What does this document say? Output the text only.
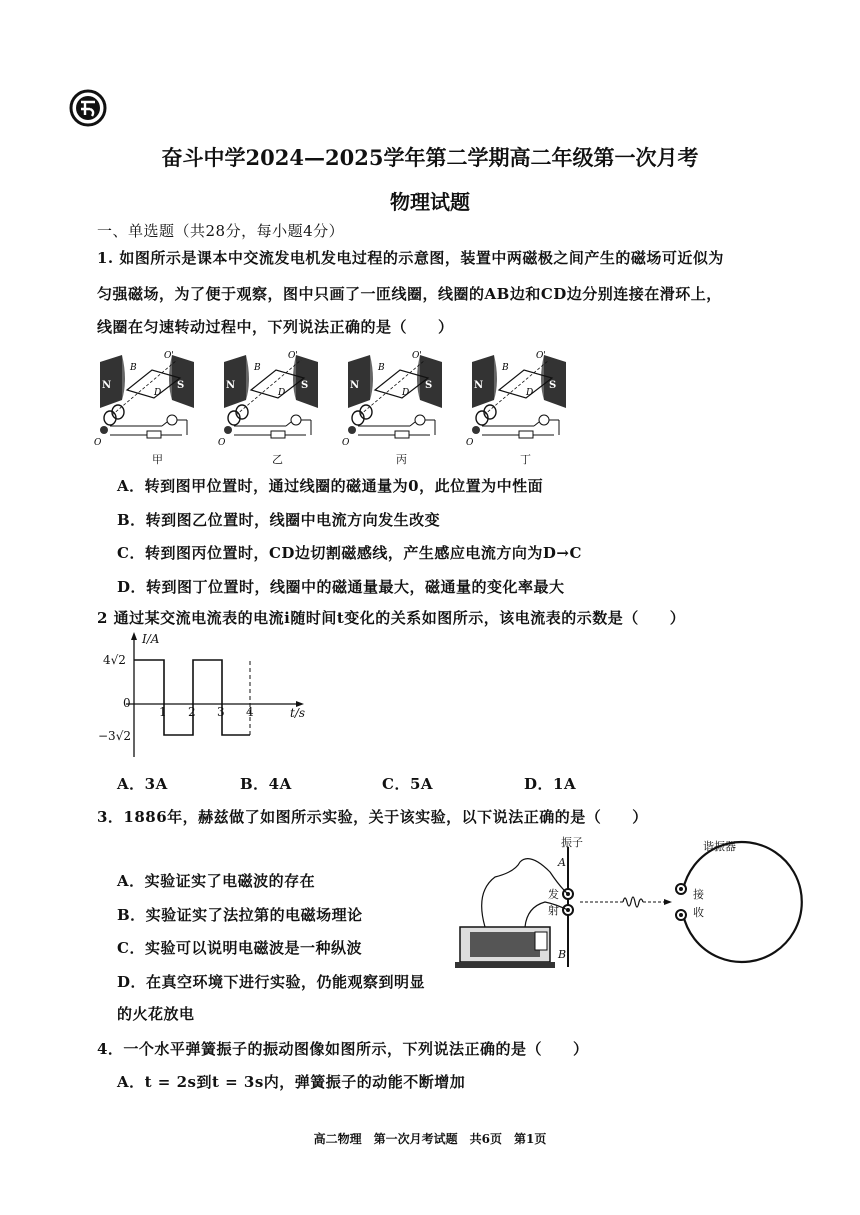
奋斗中学2024—2025学年第二学期高二年级第一次月考
物理试题
一、单选题（共28分，每小题4分）
1. 如图所示是课本中交流发电机发电过程的示意图，装置中两磁极之间产生的磁场可近似为
匀强磁场，为了便于观察，图中只画了一匝线圈，线圈的AB边和CD边分别连接在滑环上，
线圈在匀速转动过程中，下列说法正确的是（　　）
N	S
B
D
O'
O
甲	乙	丙	丁
A．转到图甲位置时，通过线圈的磁通量为0，此位置为中性面
B．转到图乙位置时，线圈中电流方向发生改变
C．转到图丙位置时，CD边切割磁感线，产生感应电流方向为D→C
D．转到图丁位置时，线圈中的磁通量最大，磁通量的变化率最大
2 通过某交流电流表的电流i随时间t变化的关系如图所示，该电流表的示数是（　　）
I/A
4√2
0
−3√2
1 2 3 4	t/s
A．3A	B．4A	C．5A	D．1A
3．1886年，赫兹做了如图所示实验，关于该实验，以下说法正确的是（　　）
A．实验证实了电磁波的存在
B．实验证实了法拉第的电磁场理论
C．实验可以说明电磁波是一种纵波
D．在真空环境下进行实验，仍能观察到明显
的火花放电
振子	谐振器
A
B
发
射
接
收
4．一个水平弹簧振子的振动图像如图所示，下列说法正确的是（　　）
A．t = 2s到t = 3s内，弹簧振子的动能不断增加
高二物理　第一次月考试题　共6页　第1页
